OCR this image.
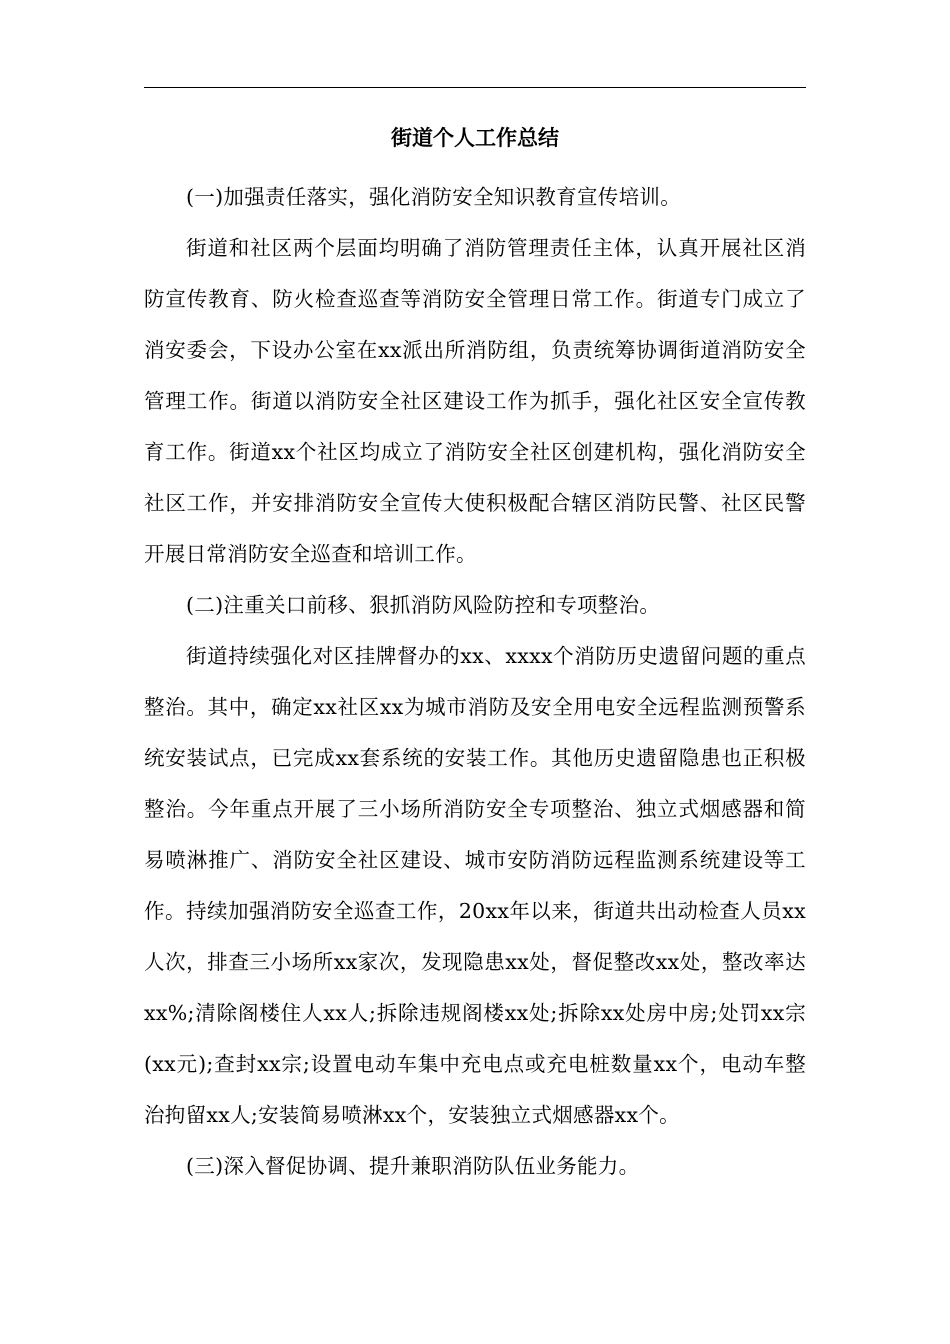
街道个人工作总结

(一)加强责任落实，强化消防安全知识教育宣传培训。

街道和社区两个层面均明确了消防管理责任主体，认真开展社区消防宣传教育、防火检查巡查等消防安全管理日常工作。街道专门成立了消安委会，下设办公室在xx派出所消防组，负责统筹协调街道消防安全管理工作。街道以消防安全社区建设工作为抓手，强化社区安全宣传教育工作。街道xx个社区均成立了消防安全社区创建机构，强化消防安全社区工作，并安排消防安全宣传大使积极配合辖区消防民警、社区民警开展日常消防安全巡查和培训工作。

(二)注重关口前移、狠抓消防风险防控和专项整治。

街道持续强化对区挂牌督办的xx、xxxx个消防历史遗留问题的重点整治。其中，确定xx社区xx为城市消防及安全用电安全远程监测预警系统安装试点，已完成xx套系统的安装工作。其他历史遗留隐患也正积极整治。今年重点开展了三小场所消防安全专项整治、独立式烟感器和简易喷淋推广、消防安全社区建设、城市安防消防远程监测系统建设等工作。持续加强消防安全巡查工作，20xx年以来，街道共出动检查人员xx人次，排查三小场所xx家次，发现隐患xx处，督促整改xx处，整改率达xx%;清除阁楼住人xx人;拆除违规阁楼xx处;拆除xx处房中房;处罚xx宗(xx元);查封xx宗;设置电动车集中充电点或充电桩数量xx个，电动车整治拘留xx人;安装简易喷淋xx个，安装独立式烟感器xx个。

(三)深入督促协调、提升兼职消防队伍业务能力。
